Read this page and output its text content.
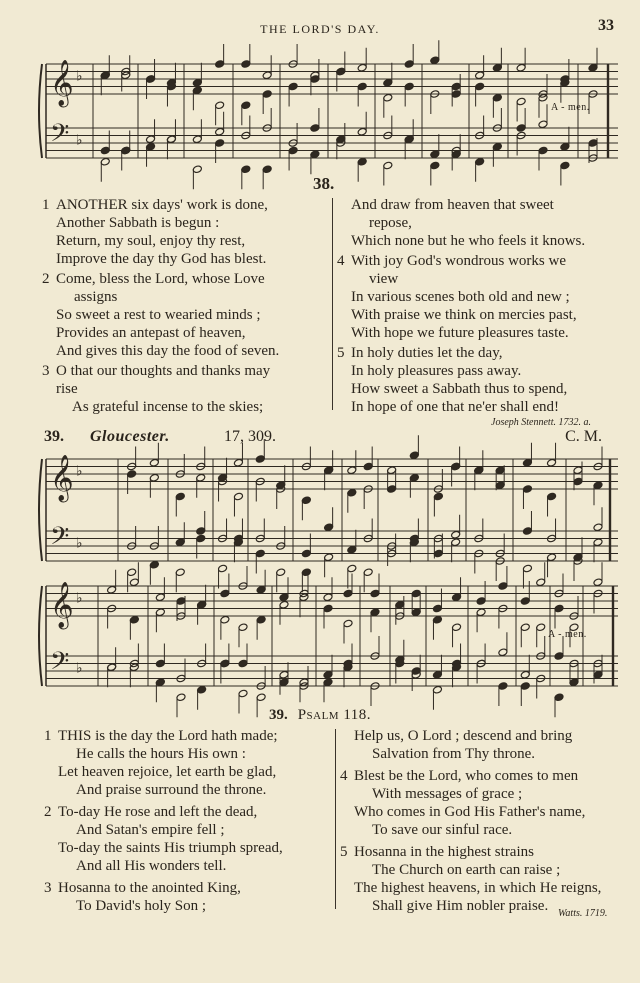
THE LORD'S DAY.	33
𝄞 ♭
𝄢 ♭
A - men.
38.
1 ANOTHER six days' work is done,
Another Sabbath is begun :
Return, my soul, enjoy thy rest,
Improve the day thy God has blest.
2 Come, bless the Lord, whose Love
assigns
So sweet a rest to wearied minds ;
Provides an antepast of heaven,
And gives this day the food of seven.
3 O that our thoughts and thanks may
rise
As grateful incense to the skies;
And draw from heaven that sweet
repose,
Which none but he who feels it knows.
4 With joy God's wondrous works we
view
In various scenes both old and new ;
With praise we think on mercies past,
With hope we future pleasures taste.
5 In holy duties let the day,
In holy pleasures pass away.
How sweet a Sabbath thus to spend,
In hope of one that ne'er shall end!
Joseph Stennett. 1732. a.
39. Gloucester.	17, 309.	C. M.
𝄞 ♭
𝄢 ♭
𝄞 ♭
𝄢 ♭
A - men.
39. Psalm 118.
1 THIS is the day the Lord hath made;
He calls the hours His own :
Let heaven rejoice, let earth be glad,
And praise surround the throne.
2 To-day He rose and left the dead,
And Satan's empire fell ;
To-day the saints His triumph spread,
And all His wonders tell.
3 Hosanna to the anointed King,
To David's holy Son ;
Help us, O Lord ; descend and bring
Salvation from Thy throne.
4 Blest be the Lord, who comes to men
With messages of grace ;
Who comes in God His Father's name,
To save our sinful race.
5 Hosanna in the highest strains
The Church on earth can raise ;
The highest heavens, in which He reigns,
Shall give Him nobler praise. Watts. 1719.
